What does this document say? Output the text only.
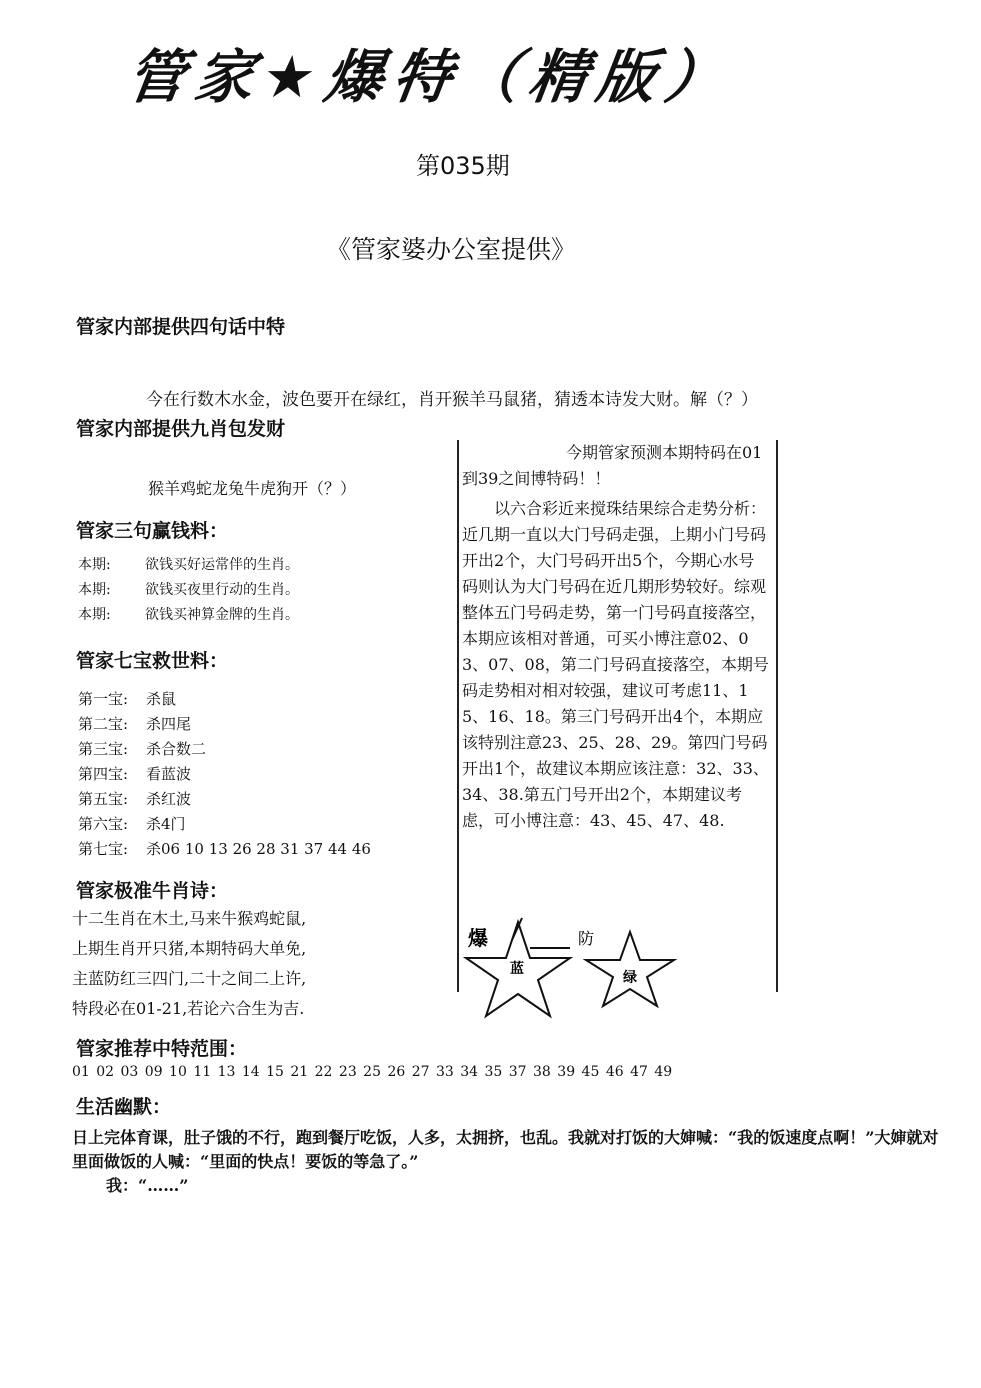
管家★爆特（精版）
第035期
《管家婆办公室提供》
管家内部提供四句话中特
今在行数木水金，波色要开在绿红，肖开猴羊马鼠猪，猜透本诗发大财。解（？）
管家内部提供九肖包发财
猴羊鸡蛇龙兔牛虎狗开（？）
管家三句赢钱料：
本期: 欲钱买好运常伴的生肖。
本期: 欲钱买夜里行动的生肖。
本期: 欲钱买神算金牌的生肖。
管家七宝救世料：
第一宝: 杀鼠
第二宝: 杀四尾
第三宝: 杀合数二
第四宝: 看蓝波
第五宝: 杀红波
第六宝: 杀4门
第七宝: 杀06 10 13 26 28 31 37 44 46
管家极准牛肖诗：
十二生肖在木土,马来牛猴鸡蛇鼠,
上期生肖开只猪,本期特码大单免,
主蓝防红三四门,二十之间二上许,
特段必在01-21,若论六合生为吉.
管家推荐中特范围：
01 02 03 09 10 11 13 14 15 21 22 23 25 26 27 33 34 35 37 38 39 45 46 47 49
生活幽默：
日上完体育课，肚子饿的不行，跑到餐厅吃饭，人多，太拥挤，也乱。我就对打饭的大婶喊：“我的饭速度点啊！”大婶就对里面做饭的人喊：“里面的快点！要饭的等急了。”
我：“……”
今期管家预测本期特码在01到39之间博特码！！
以六合彩近来搅珠结果综合走势分析：近几期一直以大门号码走强，上期小门号码开出2个，大门号码开出5个，今期心水号码则认为大门号码在近几期形势较好。综观整体五门号码走势，第一门号码直接落空，本期应该相对普通，可买小博注意02、03、07、08，第二门号码直接落空，本期号码走势相对相对较强，建议可考虑11、15、16、18。第三门号码开出4个，本期应该特别注意23、25、28、29。第四门号码开出1个，故建议本期应该注意：32、33、34、38.第五门号开出2个，本期建议考虑，可小博注意：43、45、47、48.
爆
蓝
防
绿
